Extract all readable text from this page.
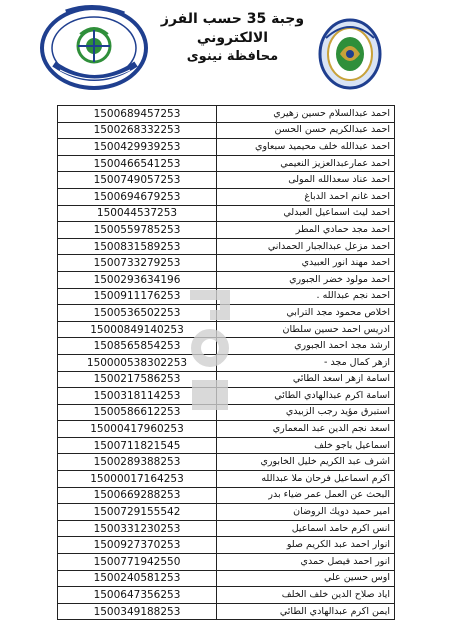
وجبة 35 حسب الفرز الالكتروني
محافظة نينوى
1500689457253	احمد عبدالسلام حسين زهيري
1500268332253	احمد عبدالكريم حسن الحسن
1500429939253	احمد عبدالله خلف محيميد سبعاوي
1500466541253	احمد عمارعبدالعزيز النعيمي
1500749057253	احمد عناد سعدالله المولى
1500694679253	احمد غانم احمد الدباغ
150044537253	احمد ليث اسماعيل العبدلي
1500559785253	احمد مجد حمادي المطر
1500831589253	احمد مزعل عبدالجبار الحمداني
1500733279253	احمد مهند انور العبيدي
1500293634196	احمد مولود خضر الجبوري
1500911176253	احمد نجم عبدالله .
1500536502253	اخلاص محمود مجد الترابي
15000849140253	ادريس احمد حسين سلطان
1508565854253	ارشد مجد احمد الجبوري
150000538302253	ازهر كمال مجد -
1500217586253	اسامة ازهر اسعد الطائي
1500318114253	اسامة اكرم عبدالهادي الطائي
1500586612253	استبرق مؤيد رجب الزبيدي
15000417960253	اسعد نجم الدين عبد المعماري
1500711821545	اسماعيل باجو خلف
1500289388253	اشرف عبد الكريم خليل الخابوري
15000017164253	اكرم اسماعيل فرحان ملا عبدالله
1500669288253	البحث عن العمل عمر ضياء بدر
1500729155542	امير حميد دويك الروضان
1500331230253	انس اكرم حامد اسماعيل
1500927370253	انوار احمد عبد الكريم صلو
1500771942550	انور احمد فيصل حمدي
1500240581253	اوس حسين علي
1500647356253	اياد صلاح الدين خلف الخلف
1500349188253	ايمن اكرم عبدالهادي الطائي
